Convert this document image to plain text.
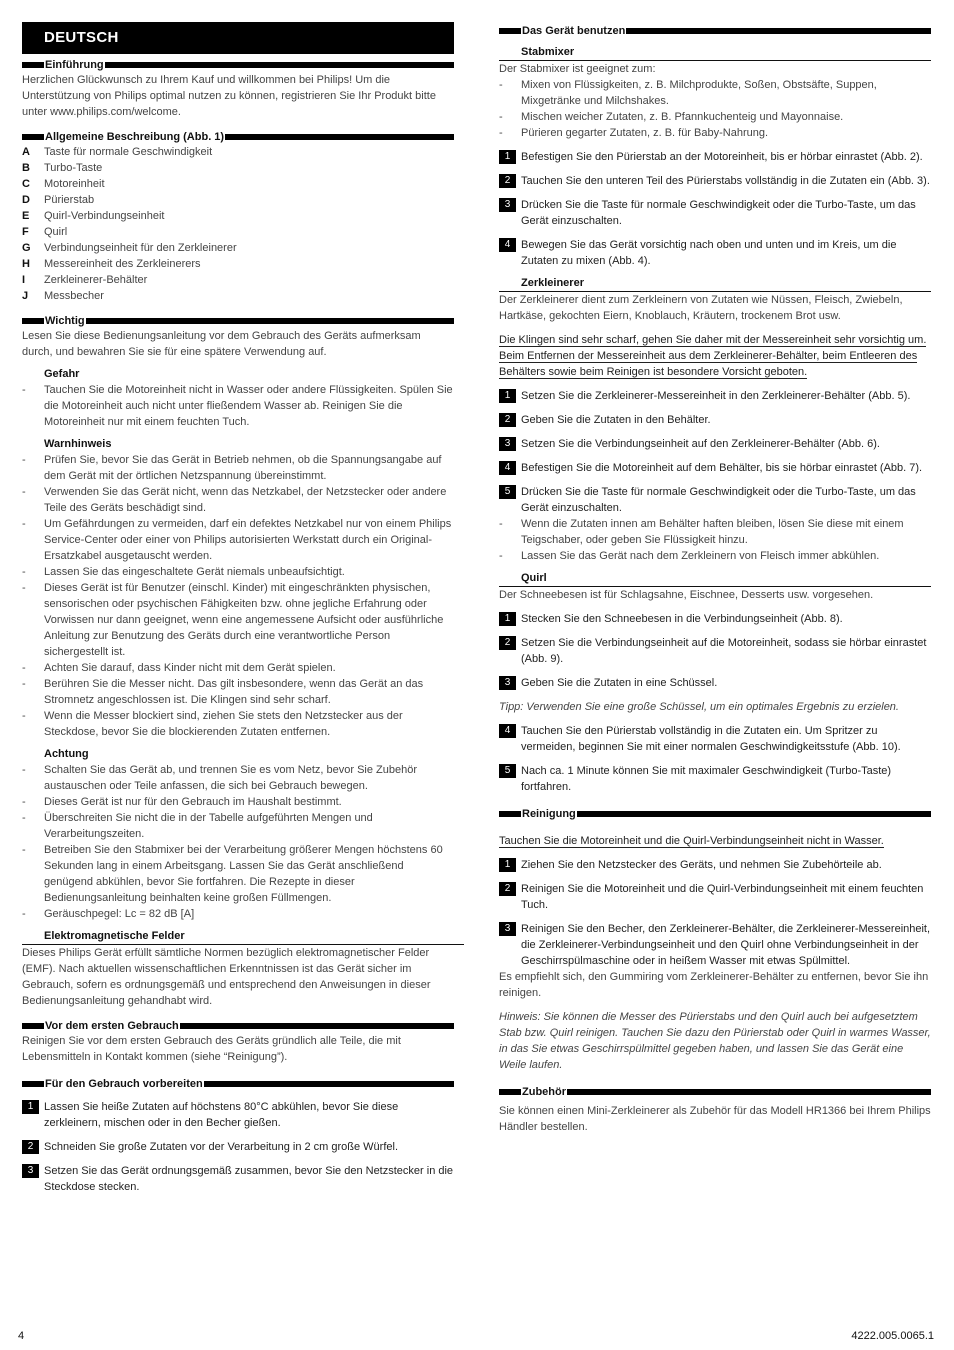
DEUTSCH
Einführung

Herzlichen Glückwunsch zu Ihrem Kauf und willkommen bei Philips! Um die Unterstützung von Philips optimal nutzen zu können, registrieren Sie Ihr Produkt bitte unter www.philips.com/welcome.

Allgemeine Beschreibung (Abb. 1)
A	Taste für normale Geschwindigkeit
B	Turbo-Taste
C	Motoreinheit
D	Pürierstab
E	Quirl-Verbindungseinheit
F	Quirl
G	Verbindungseinheit für den Zerkleinerer
H	Messereinheit des Zerkleinerers
I	Zerkleinerer-Behälter
J	Messbecher
Wichtig

Lesen Sie diese Bedienungsanleitung vor dem Gebrauch des Geräts aufmerksam durch, und bewahren Sie sie für eine spätere Verwendung auf.

Gefahr
-	Tauchen Sie die Motoreinheit nicht in Wasser oder andere Flüssigkeiten. Spülen Sie die Motoreinheit auch nicht unter fließendem Wasser ab. Reinigen Sie die Motoreinheit nur mit einem feuchten Tuch.
Warnhinweis
-	Prüfen Sie, bevor Sie das Gerät in Betrieb nehmen, ob die Spannungsangabe auf dem Gerät mit der örtlichen Netzspannung übereinstimmt.
-	Verwenden Sie das Gerät nicht, wenn das Netzkabel, der Netzstecker oder andere Teile des Geräts beschädigt sind.
-	Um Gefährdungen zu vermeiden, darf ein defektes Netzkabel nur von einem Philips Service-Center oder einer von Philips autorisierten Werkstatt durch ein Original-Ersatzkabel ausgetauscht werden.
-	Lassen Sie das eingeschaltete Gerät niemals unbeaufsichtigt.
-	Dieses Gerät ist für Benutzer (einschl. Kinder) mit eingeschränkten physischen, sensorischen oder psychischen Fähigkeiten bzw. ohne jegliche Erfahrung oder Vorwissen nur dann geeignet, wenn eine angemessene Aufsicht oder ausführliche Anleitung zur Benutzung des Geräts durch eine verantwortliche Person sichergestellt ist.
-	Achten Sie darauf, dass Kinder nicht mit dem Gerät spielen.
-	Berühren Sie die Messer nicht. Das gilt insbesondere, wenn das Gerät an das Stromnetz angeschlossen ist. Die Klingen sind sehr scharf.
-	Wenn die Messer blockiert sind, ziehen Sie stets den Netzstecker aus der Steckdose, bevor Sie die blockierenden Zutaten entfernen.
Achtung
-	Schalten Sie das Gerät ab, und trennen Sie es vom Netz, bevor Sie Zubehör austauschen oder Teile anfassen, die sich bei Gebrauch bewegen.
-	Dieses Gerät ist nur für den Gebrauch im Haushalt bestimmt.
-	Überschreiten Sie nicht die in der Tabelle aufgeführten Mengen und Verarbeitungszeiten.
-	Betreiben Sie den Stabmixer bei der Verarbeitung größerer Mengen höchstens 60 Sekunden lang in einem Arbeitsgang. Lassen Sie das Gerät anschließend genügend abkühlen, bevor Sie fortfahren. Die Rezepte in dieser Bedienungsanleitung beinhalten keine großen Füllmengen.
-	Geräuschpegel: Lc = 82 dB [A]
Elektromagnetische Felder

Dieses Philips Gerät erfüllt sämtliche Normen bezüglich elektromagnetischer Felder (EMF). Nach aktuellen wissenschaftlichen Erkenntnissen ist das Gerät sicher im Gebrauch, sofern es ordnungsgemäß und entsprechend den Anweisungen in dieser Bedienungsanleitung gehandhabt wird.

Vor dem ersten Gebrauch

Reinigen Sie vor dem ersten Gebrauch des Geräts gründlich alle Teile, die mit Lebensmitteln in Kontakt kommen (siehe “Reinigung”).

Für den Gebrauch vorbereiten
1 Lassen Sie heiße Zutaten auf höchstens 80°C abkühlen, bevor Sie diese zerkleinern, mischen oder in den Becher gießen.
2 Schneiden Sie große Zutaten vor der Verarbeitung in 2 cm große Würfel.
3 Setzen Sie das Gerät ordnungsgemäß zusammen, bevor Sie den Netzstecker in die Steckdose stecken.
Das Gerät benutzen
Stabmixer

Der Stabmixer ist geeignet zum:

-	Mixen von Flüssigkeiten, z. B. Milchprodukte, Soßen, Obstsäfte, Suppen, Mixgetränke und Milchshakes.
-	Mischen weicher Zutaten, z. B. Pfannkuchenteig und Mayonnaise.
-	Pürieren gegarter Zutaten, z. B. für Baby-Nahrung.
1 Befestigen Sie den Pürierstab an der Motoreinheit, bis er hörbar einrastet (Abb. 2).
2 Tauchen Sie den unteren Teil des Pürierstabs vollständig in die Zutaten ein (Abb. 3).
3 Drücken Sie die Taste für normale Geschwindigkeit oder die Turbo-Taste, um das Gerät einzuschalten.
4 Bewegen Sie das Gerät vorsichtig nach oben und unten und im Kreis, um die Zutaten zu mixen (Abb. 4).
Zerkleinerer

Der Zerkleinerer dient zum Zerkleinern von Zutaten wie Nüssen, Fleisch, Zwiebeln, Hartkäse, gekochten Eiern, Knoblauch, Kräutern, trockenem Brot usw.

Die Klingen sind sehr scharf, gehen Sie daher mit der Messereinheit sehr vorsichtig um. Beim Entfernen der Messereinheit aus dem Zerkleinerer-Behälter, beim Entleeren des Behälters sowie beim Reinigen ist besondere Vorsicht geboten.

1 Setzen Sie die Zerkleinerer-Messereinheit in den Zerkleinerer-Behälter (Abb. 5).
2 Geben Sie die Zutaten in den Behälter.
3 Setzen Sie die Verbindungseinheit auf den Zerkleinerer-Behälter (Abb. 6).
4 Befestigen Sie die Motoreinheit auf dem Behälter, bis sie hörbar einrastet (Abb. 7).
5 Drücken Sie die Taste für normale Geschwindigkeit oder die Turbo-Taste, um das Gerät einzuschalten.
-	Wenn die Zutaten innen am Behälter haften bleiben, lösen Sie diese mit einem Teigschaber, oder geben Sie Flüssigkeit hinzu.
-	Lassen Sie das Gerät nach dem Zerkleinern von Fleisch immer abkühlen.
Quirl

Der Schneebesen ist für Schlagsahne, Eischnee, Desserts usw. vorgesehen.

1 Stecken Sie den Schneebesen in die Verbindungseinheit (Abb. 8).
2 Setzen Sie die Verbindungseinheit auf die Motoreinheit, sodass sie hörbar einrastet (Abb. 9).
3 Geben Sie die Zutaten in eine Schüssel.

Tipp: Verwenden Sie eine große Schüssel, um ein optimales Ergebnis zu erzielen.

4 Tauchen Sie den Pürierstab vollständig in die Zutaten ein. Um Spritzer zu vermeiden, beginnen Sie mit einer normalen Geschwindigkeitsstufe (Abb. 10).
5 Nach ca. 1 Minute können Sie mit maximaler Geschwindigkeit (Turbo-Taste) fortfahren.
Reinigung

Tauchen Sie die Motoreinheit und die Quirl-Verbindungseinheit nicht in Wasser.

1 Ziehen Sie den Netzstecker des Geräts, und nehmen Sie Zubehörteile ab.
2 Reinigen Sie die Motoreinheit und die Quirl-Verbindungseinheit mit einem feuchten Tuch.
3 Reinigen Sie den Becher, den Zerkleinerer-Behälter, die Zerkleinerer-Messereinheit, die Zerkleinerer-Verbindungseinheit und den Quirl ohne Verbindungseinheit in der Geschirrspülmaschine oder in heißem Wasser mit etwas Spülmittel.

Es empfiehlt sich, den Gummiring vom Zerkleinerer-Behälter zu entfernen, bevor Sie ihn reinigen.

Hinweis: Sie können die Messer des Pürierstabs und den Quirl auch bei aufgesetztem Stab bzw. Quirl reinigen. Tauchen Sie dazu den Pürierstab oder Quirl in warmes Wasser, in das Sie etwas Geschirrspülmittel gegeben haben, und lassen Sie das Gerät eine Weile laufen.

Zubehör

Sie können einen Mini-Zerkleinerer als Zubehör für das Modell HR1366 bei Ihrem Philips Händler bestellen.

4	4222.005.0065.1
